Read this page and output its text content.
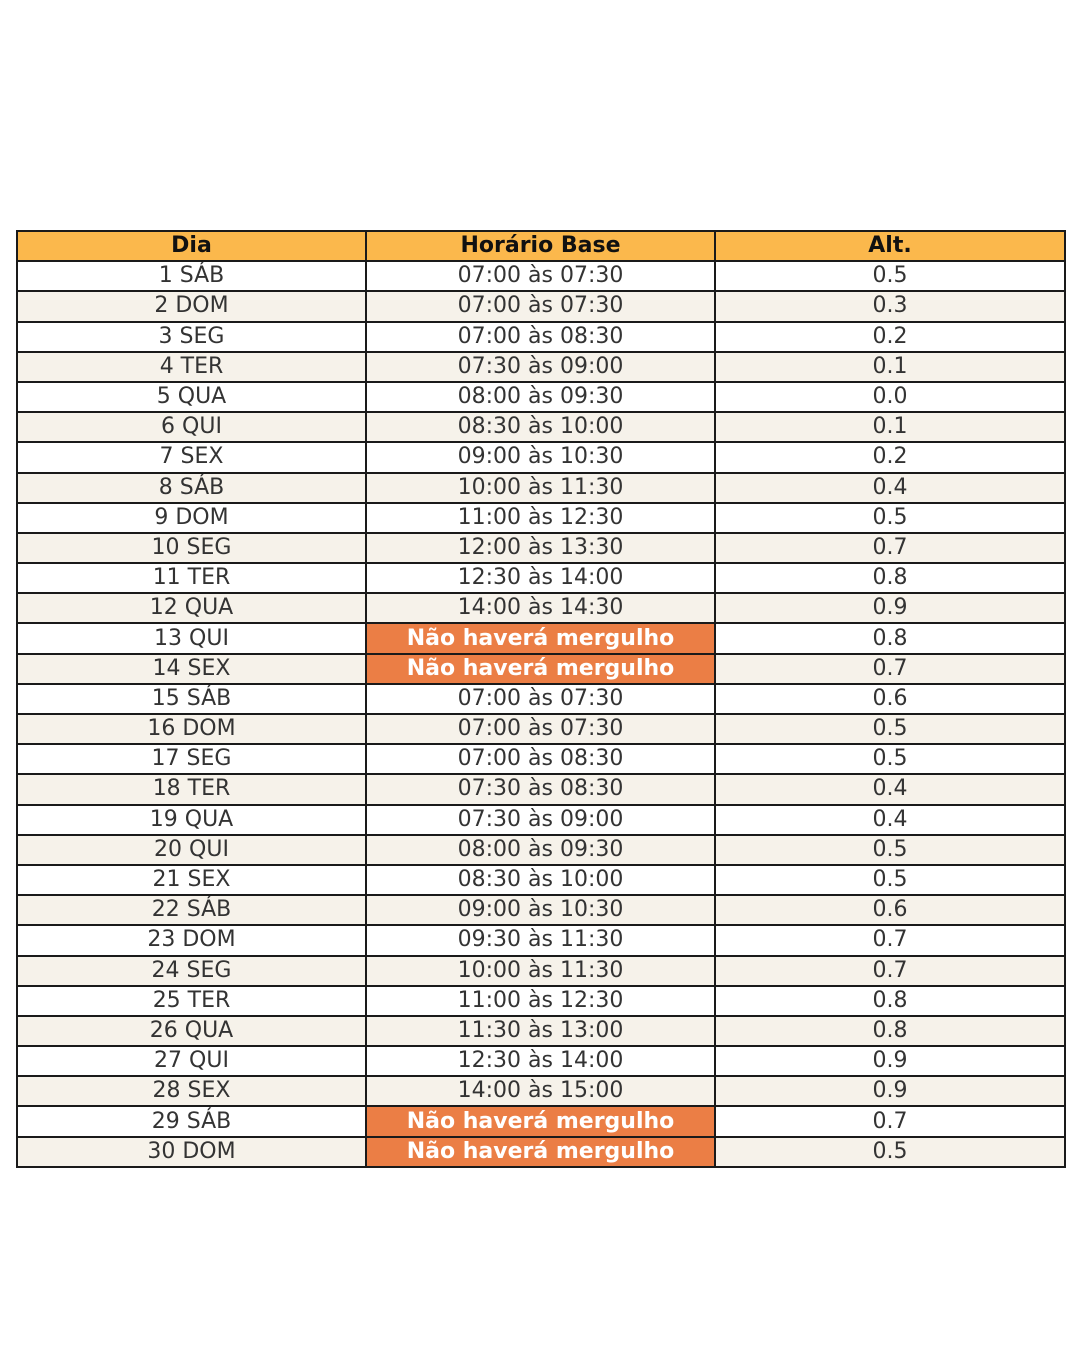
Dia	Horário Base	Alt.
1 SÁB	07:00 às 07:30	0.5
2 DOM	07:00 às 07:30	0.3
3 SEG	07:00 às 08:30	0.2
4 TER	07:30 às 09:00	0.1
5 QUA	08:00 às 09:30	0.0
6 QUI	08:30 às 10:00	0.1
7 SEX	09:00 às 10:30	0.2
8 SÁB	10:00 às 11:30	0.4
9 DOM	11:00 às 12:30	0.5
10 SEG	12:00 às 13:30	0.7
11 TER	12:30 às 14:00	0.8
12 QUA	14:00 às 14:30	0.9
13 QUI	Não haverá mergulho	0.8
14 SEX	Não haverá mergulho	0.7
15 SÁB	07:00 às 07:30	0.6
16 DOM	07:00 às 07:30	0.5
17 SEG	07:00 às 08:30	0.5
18 TER	07:30 às 08:30	0.4
19 QUA	07:30 às 09:00	0.4
20 QUI	08:00 às 09:30	0.5
21 SEX	08:30 às 10:00	0.5
22 SÁB	09:00 às 10:30	0.6
23 DOM	09:30 às 11:30	0.7
24 SEG	10:00 às 11:30	0.7
25 TER	11:00 às 12:30	0.8
26 QUA	11:30 às 13:00	0.8
27 QUI	12:30 às 14:00	0.9
28 SEX	14:00 às 15:00	0.9
29 SÁB	Não haverá mergulho	0.7
30 DOM	Não haverá mergulho	0.5
